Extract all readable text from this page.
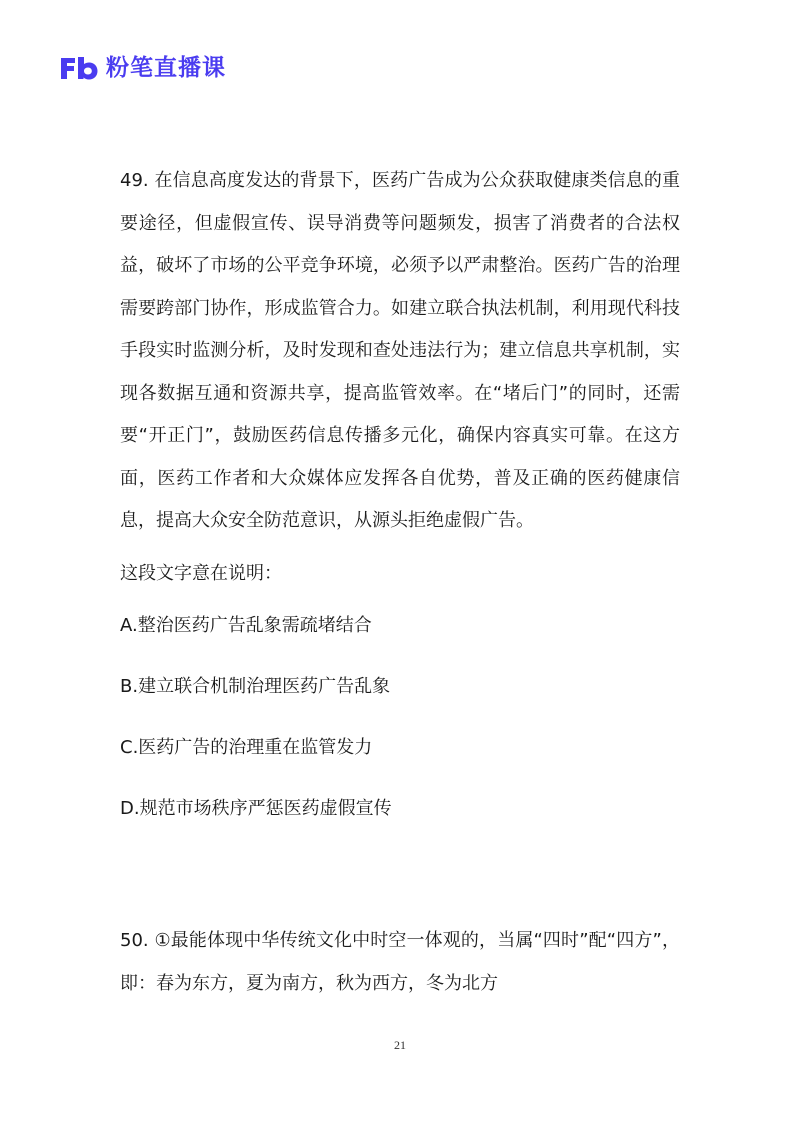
粉笔直播课

49. 在信息高度发达的背景下，医药广告成为公众获取健康类信息的重要途径，但虚假宣传、误导消费等问题频发，损害了消费者的合法权益，破坏了市场的公平竞争环境，必须予以严肃整治。医药广告的治理需要跨部门协作，形成监管合力。如建立联合执法机制，利用现代科技手段实时监测分析，及时发现和查处违法行为；建立信息共享机制，实现各数据互通和资源共享，提高监管效率。在“堵后门”的同时，还需要“开正门”，鼓励医药信息传播多元化，确保内容真实可靠。在这方面，医药工作者和大众媒体应发挥各自优势，普及正确的医药健康信息，提高大众安全防范意识，从源头拒绝虚假广告。

这段文字意在说明：

A.整治医药广告乱象需疏堵结合
B.建立联合机制治理医药广告乱象
C.医药广告的治理重在监管发力
D.规范市场秩序严惩医药虚假宣传

50. ①最能体现中华传统文化中时空一体观的，当属“四时”配“四方”，即：春为东方，夏为南方，秋为西方，冬为北方

21
